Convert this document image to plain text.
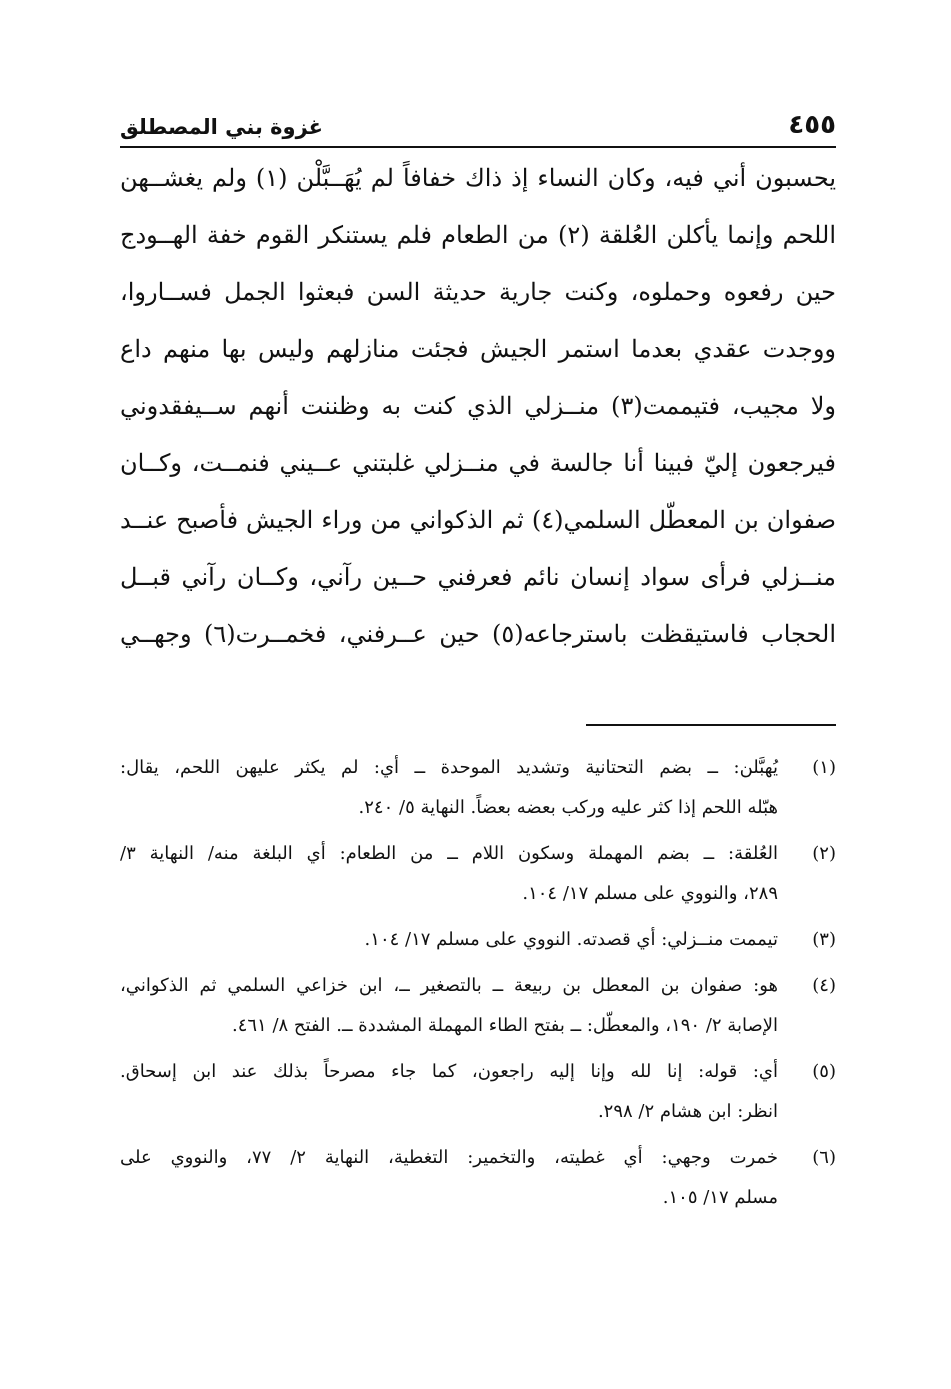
٤٥٥
غزوة بني المصطلق
يحسبون أني فيه، وكان النساء إذ ذاك خفافاً لم يُهَــبَّلْن (١) ولم يغشــهن
اللحم وإنما يأكلن العُلقة (٢) من الطعام فلم يستنكر القوم خفة الهــودج
حين رفعوه وحملوه، وكنت جارية حديثة السن فبعثوا الجمل فســاروا،
ووجدت عقدي بعدما استمر الجيش فجئت منازلهم وليس بها منهم داع
ولا مجيب، فتيممت(٣) منــزلي الذي كنت به وظننت أنهم ســيفقدوني
فيرجعون إليّ فبينا أنا جالسة في منــزلي غلبتني عــيني فنمــت، وكــان
صفوان بن المعطّل السلمي(٤) ثم الذكواني من وراء الجيش فأصبح عنــد
منــزلي فرأى سواد إنسان نائم فعرفني حــين رآني، وكــان رآني قبــل
الحجاب فاستيقظت باسترجاعه(٥) حين عــرفني، فخمــرت(٦) وجهــي
(١)
يُهبَّلن: ــ بضم التحتانية وتشديد الموحدة ــ أي: لم يكثر عليهن اللحم، يقال:
هبّله اللحم إذا كثر عليه وركب بعضه بعضاً. النهاية ٥/ ٢٤٠.
(٢)
العُلقة: ــ بضم المهملة وسكون اللام ــ من الطعام: أي البلغة منه/ النهاية ٣/
٢٨٩، والنووي على مسلم ١٧/ ١٠٤.
(٣)
تيممت منــزلي: أي قصدته. النووي على مسلم ١٧/ ١٠٤.
(٤)
هو: صفوان بن المعطل بن ربيعة ــ بالتصغير ــ، ابن خزاعي السلمي ثم الذكواني،
الإصابة ٢/ ١٩٠، والمعطّل: ــ بفتح الطاء المهملة المشددة ــ. الفتح ٨/ ٤٦١.
(٥)
أي: قوله: إنا لله وإنا إليه راجعون، كما جاء مصرحاً بذلك عند ابن إسحاق.
انظر: ابن هشام ٢/ ٢٩٨.
(٦)
خمرت وجهي: أي غطيته، والتخمير: التغطية، النهاية ٢/ ٧٧، والنووي على
مسلم ١٧/ ١٠٥.
